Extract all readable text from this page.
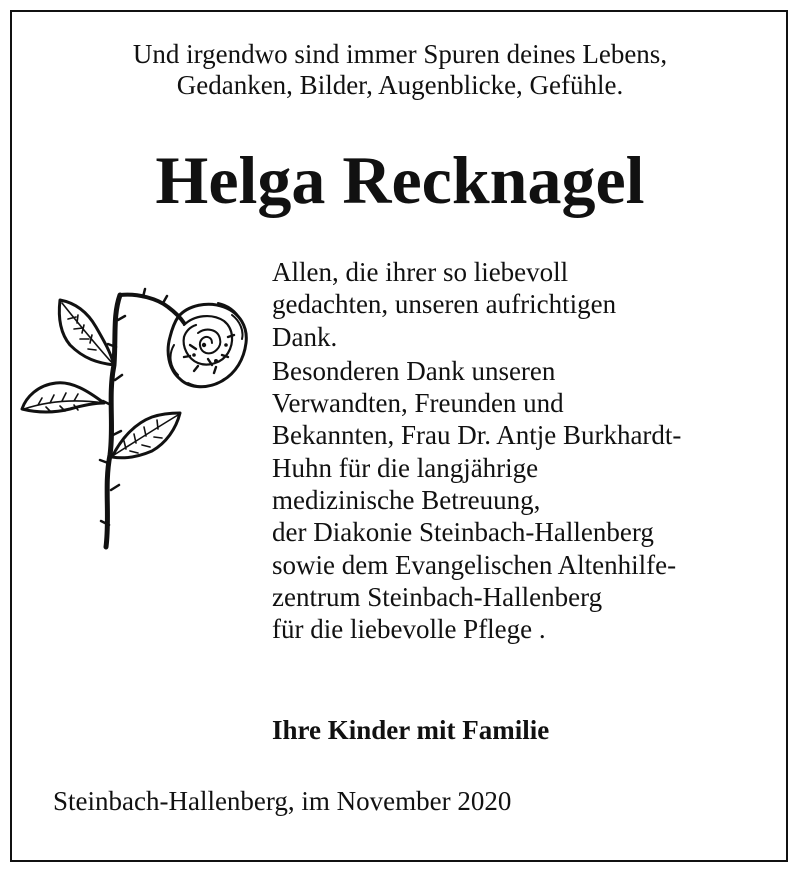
Und irgendwo sind immer Spuren deines Lebens,
Gedanken, Bilder, Augenblicke, Gefühle.
Helga Recknagel
Allen, die ihrer so liebevoll
gedachten, unseren aufrichtigen
Dank.
Besonderen Dank unseren
Verwandten, Freunden und
Bekannten, Frau Dr. Antje Burkhardt-
Huhn für die langjährige
medizinische Betreuung,
der Diakonie Steinbach-Hallenberg
sowie dem Evangelischen Altenhilfe-
zentrum Steinbach-Hallenberg
für die liebevolle Pflege .
Ihre Kinder mit Familie
Steinbach-Hallenberg, im November 2020
